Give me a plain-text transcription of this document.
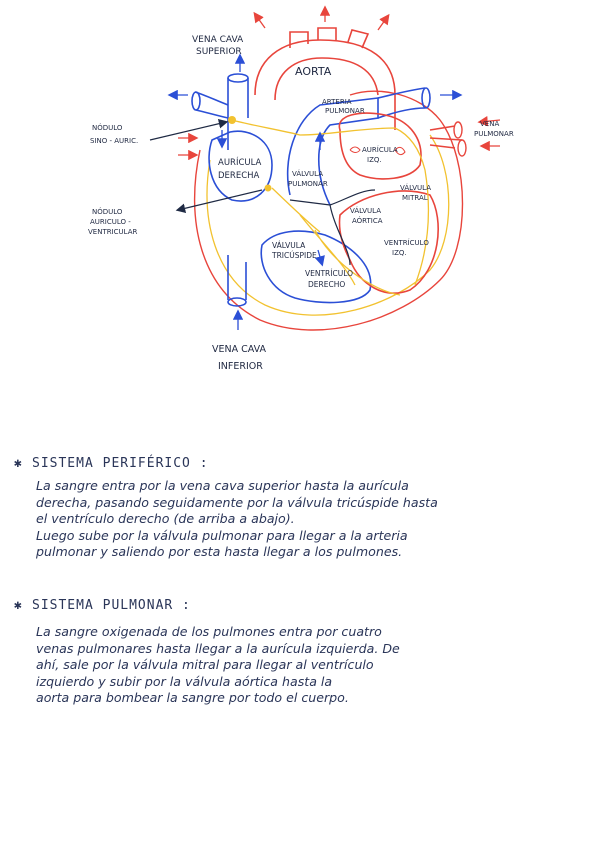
VENA CAVA
SUPERIOR
AORTA
ARTERIA
PULMONAR
VENA
PULMONAR
NÓDULO
SINO - AURIC.
AURÍCULA
DERECHA	VÁLVULA
PULMONAR
AURÍCULA
IZQ.
VÁLVULA
MITRAL
NÓDULO
AURICULO -
VENTRICULAR
VÁLVULA
AÓRTICA
VÁLVULA
TRICÚSPIDE
VENTRÍCULO
IZQ.
VENTRÍCULO
DERECHO
VENA CAVA
INFERIOR
✱ SISTEMA PERIFÉRICO :
La sangre entra por la vena cava superior hasta la aurícula
derecha, pasando seguidamente por la válvula tricúspide hasta
el ventrículo derecho (de arriba a abajo).
Luego sube por la válvula pulmonar para llegar a la arteria
pulmonar y saliendo por esta hasta llegar a los pulmones.
✱ SISTEMA PULMONAR :
La sangre oxigenada de los pulmones entra por cuatro
venas pulmonares hasta llegar a la aurícula izquierda. De
ahí, sale por la válvula mitral para llegar al ventrículo
izquierdo y subir por la válvula aórtica hasta la
aorta para bombear la sangre por todo el cuerpo.
